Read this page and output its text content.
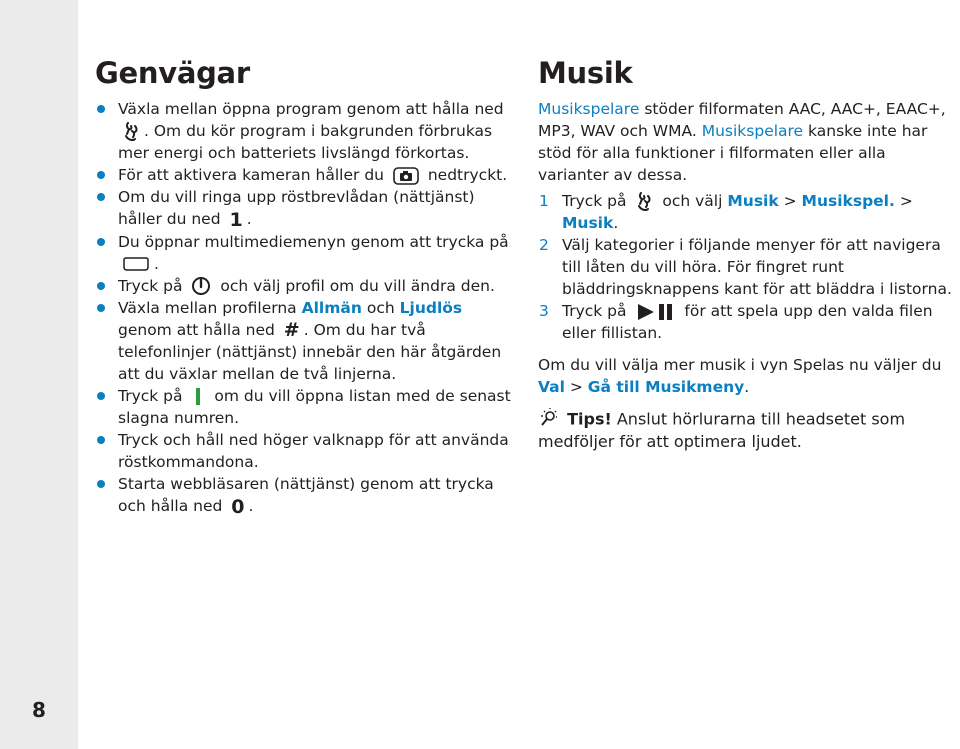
8
Genvägar
Växla mellan öppna program genom att hålla ned
. Om du kör program i bakgrunden förbrukas mer energi och batteriets livslängd förkortas.
För att aktivera kameran håller du	nedtryckt.
Om du vill ringa upp röstbrevlådan (nättjänst) håller du ned 1 .
Du öppnar multimediemenyn genom att trycka på
.
Tryck på och välj profil om du vill ändra den.
Växla mellan profilerna Allmän och Ljudlös genom att hålla ned # . Om du har två telefonlinjer (nättjänst) innebär den här åtgärden att du växlar mellan de två linjerna.
Tryck på om du vill öppna listan med de senast slagna numren.
Tryck och håll ned höger valknapp för att använda röstkommandona.
Starta webbläsaren (nättjänst) genom att trycka och hålla ned 0 .
Musik

Musikspelare stöder filformaten AAC, AAC+, EAAC+, MP3, WAV och WMA. Musikspelare kanske inte har stöd för alla funktioner i filformaten eller alla varianter av dessa.

1 Tryck på och välj Musik > Musikspel. > Musik.
2 Välj kategorier i följande menyer för att navigera till låten du vill höra. För fingret runt bläddringsknappens kant för att bläddra i listorna.
3 Tryck på	för att spela upp den valda filen eller fillistan.

Om du vill välja mer musik i vyn Spelas nu väljer du Val > Gå till Musikmeny.

Tips! Anslut hörlurarna till headsetet som medföljer för att optimera ljudet.
